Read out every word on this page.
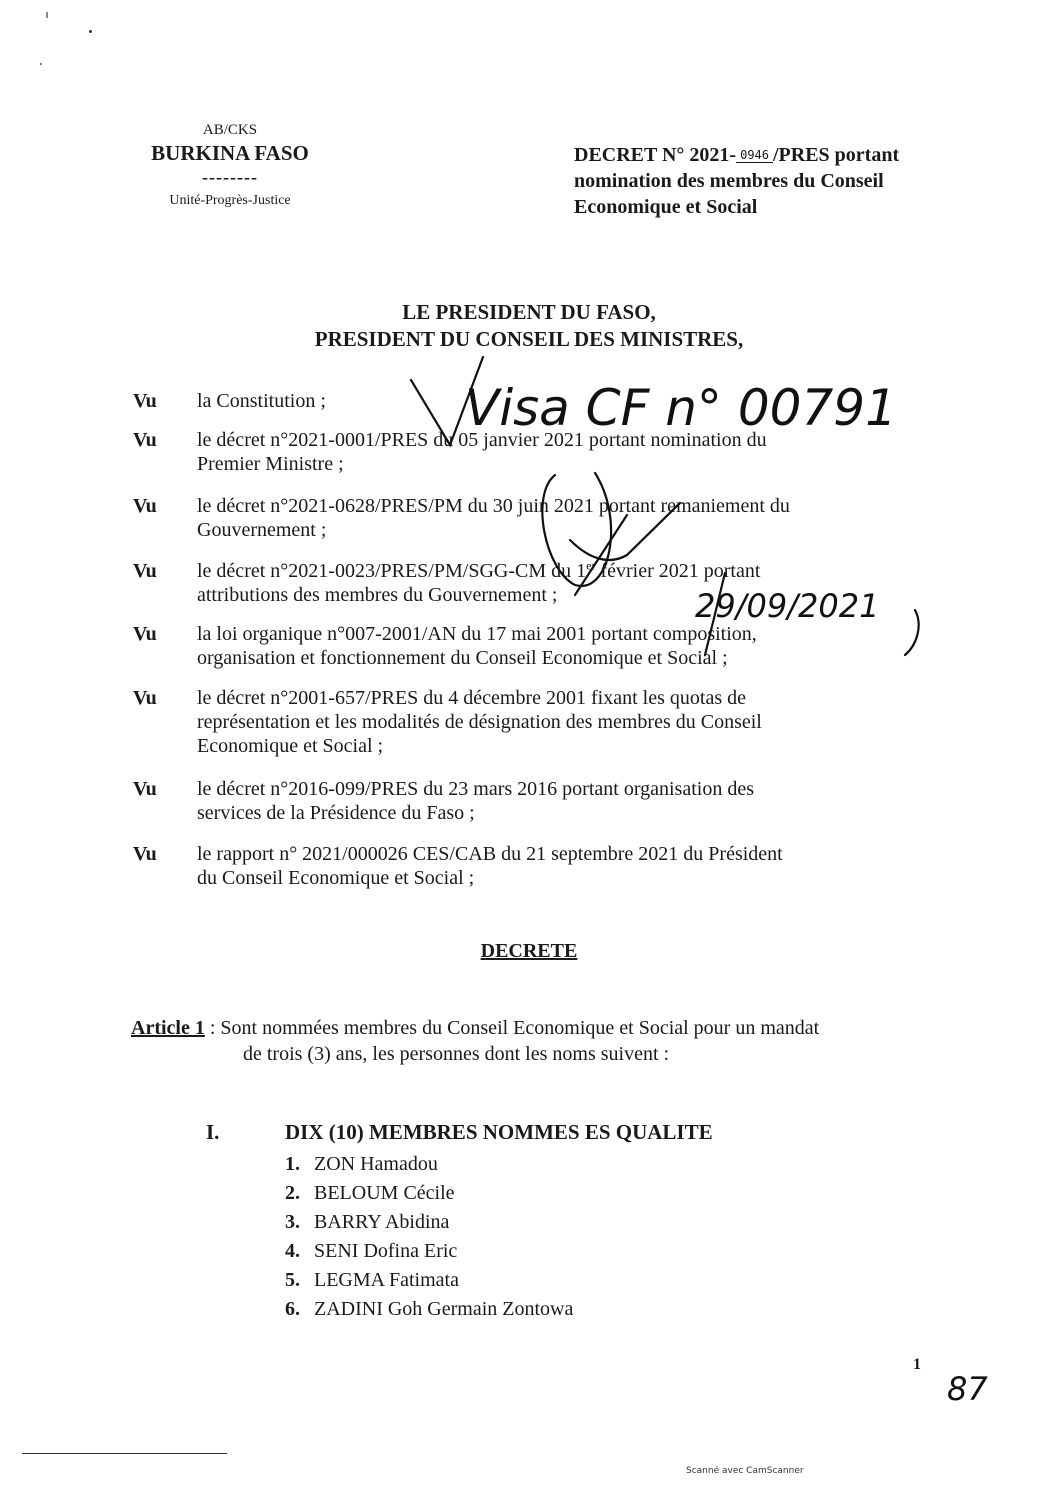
AB/CKS
BURKINA FASO
--------
Unité-Progrès-Justice
DECRET N° 2021- 0946 /PRES portant
nomination des membres du Conseil
Economique et Social
LE PRESIDENT DU FASO,
PRESIDENT DU CONSEIL DES MINISTRES,
Vu	la Constitution ;

Vu	le décret n°2021-0001/PRES du 05 janvier 2021 portant nomination du

Premier Ministre ;

Vu	le décret n°2021-0628/PRES/PM du 30 juin 2021 portant remaniement du

Gouvernement ;

Vu	le décret n°2021-0023/PRES/PM/SGG-CM du 1er février 2021 portant

attributions des membres du Gouvernement ;

Vu	la loi organique n°007-2001/AN du 17 mai 2001 portant composition,

organisation et fonctionnement du Conseil Economique et Social ;

Vu	le décret n°2001-657/PRES du 4 décembre 2001 fixant les quotas de

représentation et les modalités de désignation des membres du Conseil

Economique et Social ;

Vu	le décret n°2016-099/PRES du 23 mars 2016 portant organisation des

services de la Présidence du Faso ;

Vu	le rapport n° 2021/000026 CES/CAB du 21 septembre 2021 du Président

du Conseil Economique et Social ;

Visa CF n° 00791
29/09/2021
DECRETE
Article 1 : Sont nommées membres du Conseil Economique et Social pour un mandat
de trois (3) ans, les personnes dont les noms suivent :
I.	DIX (10) MEMBRES NOMMES ES QUALITE
1. ZON Hamadou
2. BELOUM Cécile
3. BARRY Abidina
4. SENI Dofina Eric
5. LEGMA Fatimata
6. ZADINI Goh Germain Zontowa
1
87
Scanné avec CamScanner
